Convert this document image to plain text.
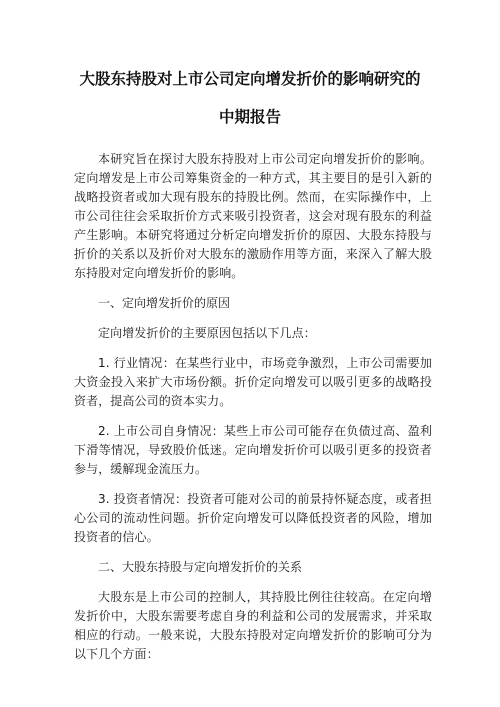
大股东持股对上市公司定向增发折价的影响研究的
中期报告

本研究旨在探讨大股东持股对上市公司定向增发折价的影响。定向增发是上市公司筹集资金的一种方式，其主要目的是引入新的战略投资者或加大现有股东的持股比例。然而，在实际操作中，上市公司往往会采取折价方式来吸引投资者，这会对现有股东的利益产生影响。本研究将通过分析定向增发折价的原因、大股东持股与折价的关系以及折价对大股东的激励作用等方面，来深入了解大股东持股对定向增发折价的影响。

一、定向增发折价的原因

定向增发折价的主要原因包括以下几点：

1. 行业情况：在某些行业中，市场竞争激烈，上市公司需要加大资金投入来扩大市场份额。折价定向增发可以吸引更多的战略投资者，提高公司的资本实力。

2. 上市公司自身情况：某些上市公司可能存在负债过高、盈利下滑等情况，导致股价低迷。定向增发折价可以吸引更多的投资者参与，缓解现金流压力。

3. 投资者情况：投资者可能对公司的前景持怀疑态度，或者担心公司的流动性问题。折价定向增发可以降低投资者的风险，增加投资者的信心。

二、大股东持股与定向增发折价的关系

大股东是上市公司的控制人，其持股比例往往较高。在定向增发折价中，大股东需要考虑自身的利益和公司的发展需求，并采取相应的行动。一般来说，大股东持股对定向增发折价的影响可分为以下几个方面：
